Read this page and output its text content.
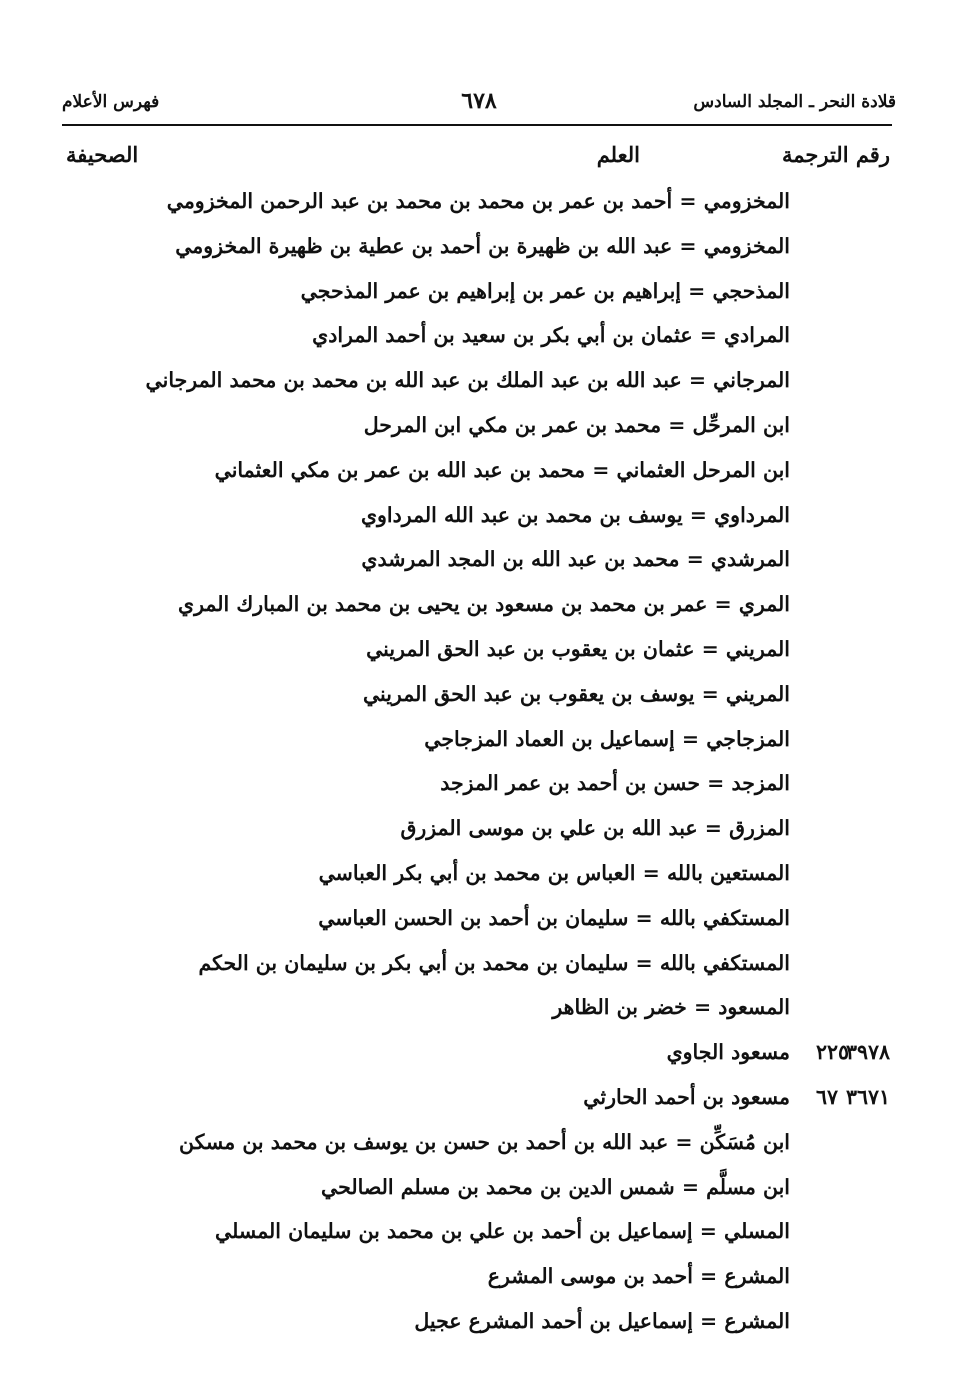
قلادة النحر ـ المجلد السادس
٦٧٨
فهرس الأعلام
رقم الترجمة
العلم
الصحيفة
المخزومي = أحمد بن عمر بن محمد بن محمد بن عبد الرحمن المخزومي
المخزومي = عبد الله بن ظهيرة بن أحمد بن عطية بن ظهيرة المخزومي
المذحجي = إبراهيم بن عمر بن إبراهيم بن عمر المذحجي
المرادي = عثمان بن أبي بكر بن سعيد بن أحمد المرادي
المرجاني = عبد الله بن عبد الملك بن عبد الله بن محمد بن محمد المرجاني
ابن المرحِّل = محمد بن عمر بن مكي ابن المرحل
ابن المرحل العثماني = محمد بن عبد الله بن عمر بن مكي العثماني
المرداوي = يوسف بن محمد بن عبد الله المرداوي
المرشدي = محمد بن عبد الله بن المجد المرشدي
المري = عمر بن محمد بن مسعود بن يحيى بن محمد بن المبارك المري
المريني = عثمان بن يعقوب بن عبد الحق المريني
المريني = يوسف بن يعقوب بن عبد الحق المريني
المزجاجي = إسماعيل بن العماد المزجاجي
المزجد = حسن بن أحمد بن عمر المزجد
المزرق = عبد الله بن علي بن موسى المزرق
المستعين بالله = العباس بن محمد بن أبي بكر العباسي
المستكفي بالله = سليمان بن أحمد بن الحسن العباسي
المستكفي بالله = سليمان بن محمد بن أبي بكر بن سليمان بن الحكم
المسعود = خضر بن الظاهر
٣٩٧٨
مسعود الجاوي ٢٢٥
٣٦٧١
مسعود بن أحمد الحارثي ٦٧
ابن مُسَكِّن = عبد الله بن أحمد بن حسن بن يوسف بن محمد بن مسكن
ابن مسلَّم = شمس الدين بن محمد بن مسلم الصالحي
المسلي = إسماعيل بن أحمد بن علي بن محمد بن سليمان المسلي
المشرع = أحمد بن موسى المشرع
المشرع = إسماعيل بن أحمد المشرع عجيل
